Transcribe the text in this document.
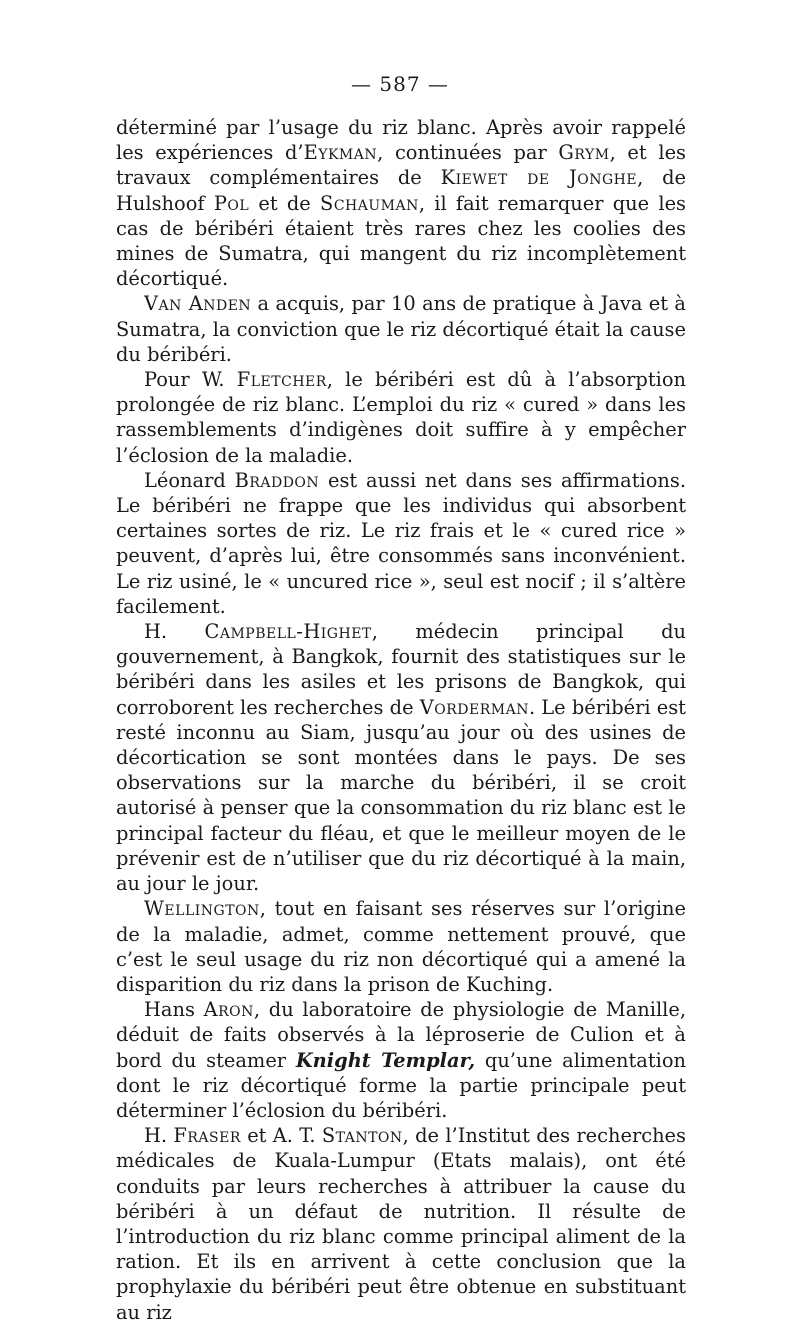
— 587 —

déterminé par l’usage du riz blanc. Après avoir rappelé les expériences d’Eykman, continuées par Grym, et les travaux complémentaires de Kiewet de Jonghe, de Hulshoof Pol et de Schauman, il fait remarquer que les cas de béribéri étaient très rares chez les coolies des mines de Sumatra, qui mangent du riz incomplètement décortiqué.

Van Anden a acquis, par 10 ans de pratique à Java et à Sumatra, la conviction que le riz décortiqué était la cause du béribéri.

Pour W. Fletcher, le béribéri est dû à l’absorption prolongée de riz blanc. L’emploi du riz « cured » dans les rassemblements d’indigènes doit suffire à y empêcher l’éclosion de la maladie.

Léonard Braddon est aussi net dans ses affirmations. Le béribéri ne frappe que les individus qui absorbent certaines sortes de riz. Le riz frais et le « cured rice » peuvent, d’après lui, être consommés sans inconvénient. Le riz usiné, le « uncured rice », seul est nocif ; il s’altère facilement.

H. Campbell-Highet, médecin principal du gouvernement, à Bangkok, fournit des statistiques sur le béribéri dans les asiles et les prisons de Bangkok, qui corroborent les recherches de Vorderman. Le béribéri est resté inconnu au Siam, jusqu’au jour où des usines de décortication se sont montées dans le pays. De ses observations sur la marche du béribéri, il se croit autorisé à penser que la consommation du riz blanc est le principal facteur du fléau, et que le meilleur moyen de le prévenir est de n’utiliser que du riz décortiqué à la main, au jour le jour.

Wellington, tout en faisant ses réserves sur l’origine de la maladie, admet, comme nettement prouvé, que c’est le seul usage du riz non décortiqué qui a amené la disparition du riz dans la prison de Kuching.

Hans Aron, du laboratoire de physiologie de Manille, déduit de faits observés à la léproserie de Culion et à bord du steamer Knight Templar, qu’une alimentation dont le riz décortiqué forme la partie principale peut déterminer l’éclosion du béribéri.

H. Fraser et A. T. Stanton, de l’Institut des recherches médicales de Kuala-Lumpur (Etats malais), ont été conduits par leurs recherches à attribuer la cause du béribéri à un défaut de nutrition. Il résulte de l’introduction du riz blanc comme principal aliment de la ration. Et ils en arrivent à cette conclusion que la prophylaxie du béribéri peut être obtenue en substituant au riz
